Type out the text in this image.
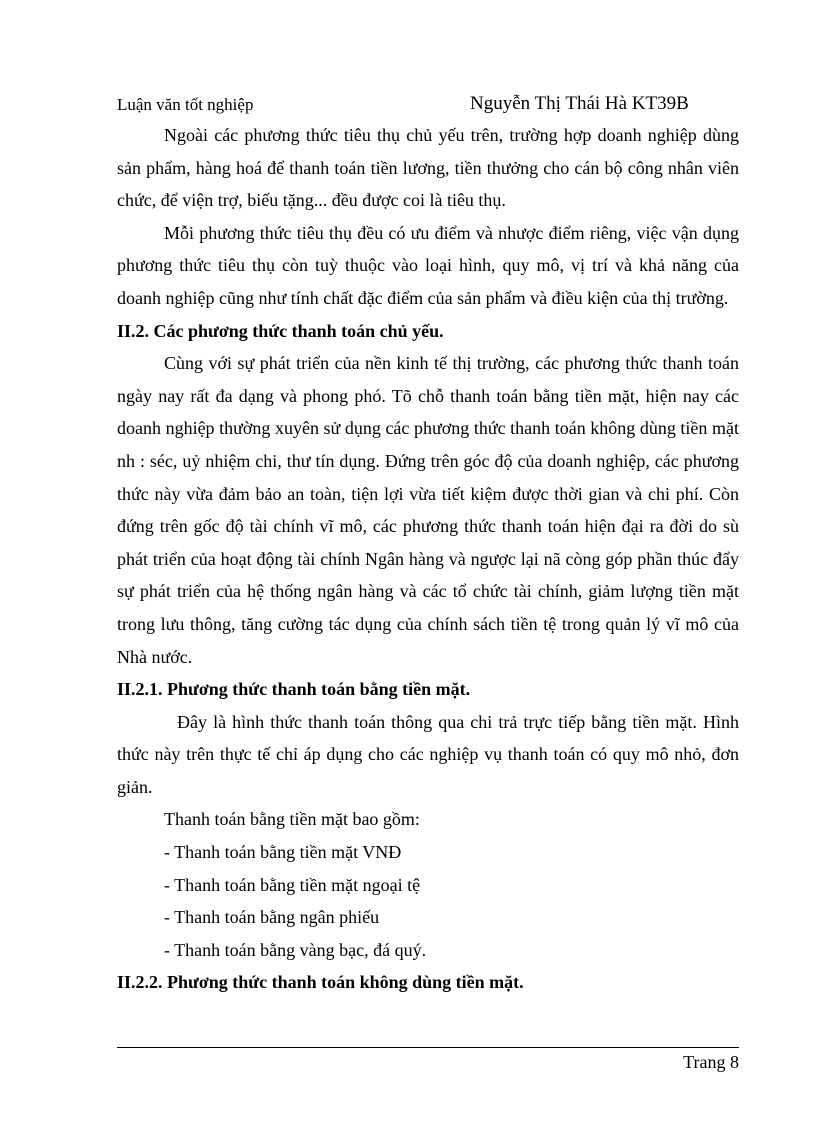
Luận văn tốt nghiệp	Nguyễn Thị Thái Hà KT39B

Ngoài các phương thức tiêu thụ chủ yếu trên, trường hợp doanh nghiệp dùng sản phẩm, hàng hoá để thanh toán tiền lương, tiền thưởng cho cán bộ công nhân viên chức, để viện trợ, biếu tặng... đều được coi là tiêu thụ.

Mỗi phương thức tiêu thụ đều có ưu điểm và nhược điểm riêng, việc vận dụng phương thức tiêu thụ còn tuỳ thuộc vào loại hình, quy mô, vị trí và khả năng của doanh nghiệp cũng như tính chất đặc điểm của sản phẩm và điều kiện của thị trường.

II.2. Các phương thức thanh toán chủ yếu.

Cùng với sự phát triển của nền kinh tế thị trường, các phương thức thanh toán ngày nay rất đa dạng và phong phó. Tõ chỗ thanh toán bằng tiền mặt, hiện nay các doanh nghiệp thường xuyên sử dụng các phương thức thanh toán không dùng tiền mặt nh : séc, uỷ nhiệm chi, thư tín dụng. Đứng trên góc độ của doanh nghiệp, các phương thức này vừa đảm bảo an toàn, tiện lợi vừa tiết kiệm được thời gian và chi phí. Còn đứng trên gốc độ tài chính vĩ mô, các phương thức thanh toán hiện đại ra đời do sù phát triển của hoạt động tài chính Ngân hàng và ngược lại nã còng góp phần thúc đẩy sự phát triển của hệ thống ngân hàng và các tổ chức tài chính, giảm lượng tiền mặt trong lưu thông, tăng cường tác dụng của chính sách tiền tệ trong quản lý vĩ mô của Nhà nước.

II.2.1. Phương thức thanh toán bằng tiền mặt.

Đây là hình thức thanh toán thông qua chi trả trực tiếp bằng tiền mặt. Hình thức này trên thực tế chỉ áp dụng cho các nghiệp vụ thanh toán có quy mô nhỏ, đơn giản.

Thanh toán bằng tiền mặt bao gồm:

- Thanh toán bằng tiền mặt VNĐ

- Thanh toán bằng tiền mặt ngoại tệ

- Thanh toán bằng ngân phiếu

- Thanh toán bằng vàng bạc, đá quý.

II.2.2. Phương thức thanh toán không dùng tiền mặt.

Trang 8
